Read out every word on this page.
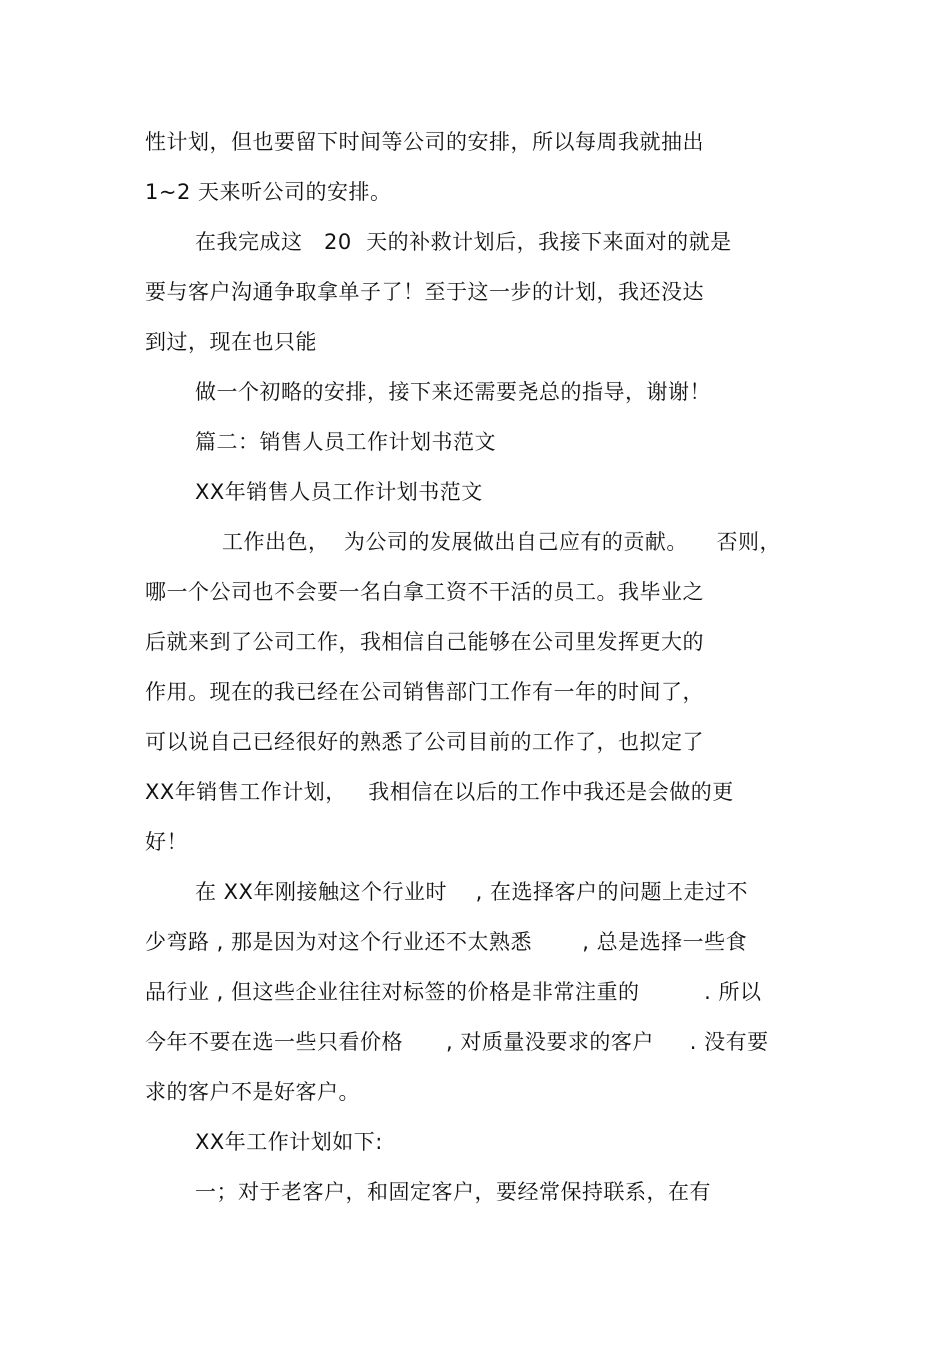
性计划，但也要留下时间等公司的安排，所以每周我就抽出
1~2 天来听公司的安排。
在我完成这   20  天的补救计划后，我接下来面对的就是
要与客户沟通争取拿单子了！至于这一步的计划，我还没达
到过，现在也只能
做一个初略的安排，接下来还需要尧总的指导，谢谢！
篇二：销售人员工作计划书范文
XX年销售人员工作计划书范文
工作出色，  为公司的发展做出自己应有的贡献。    否则，
哪一个公司也不会要一名白拿工资不干活的员工。我毕业之
后就来到了公司工作，我相信自己能够在公司里发挥更大的
作用。现在的我已经在公司销售部门工作有一年的时间了，
可以说自己已经很好的熟悉了公司目前的工作了，也拟定了
XX年销售工作计划，   我相信在以后的工作中我还是会做的更
好！
在 XX年刚接触这个行业时    , 在选择客户的问题上走过不
少弯路 , 那是因为对这个行业还不太熟悉       , 总是选择一些食
品行业 , 但这些企业往往对标签的价格是非常注重的         . 所以
今年不要在选一些只看价格      , 对质量没要求的客户     . 没有要
求的客户不是好客户。
XX年工作计划如下:
一；对于老客户，和固定客户，要经常保持联系，在有
